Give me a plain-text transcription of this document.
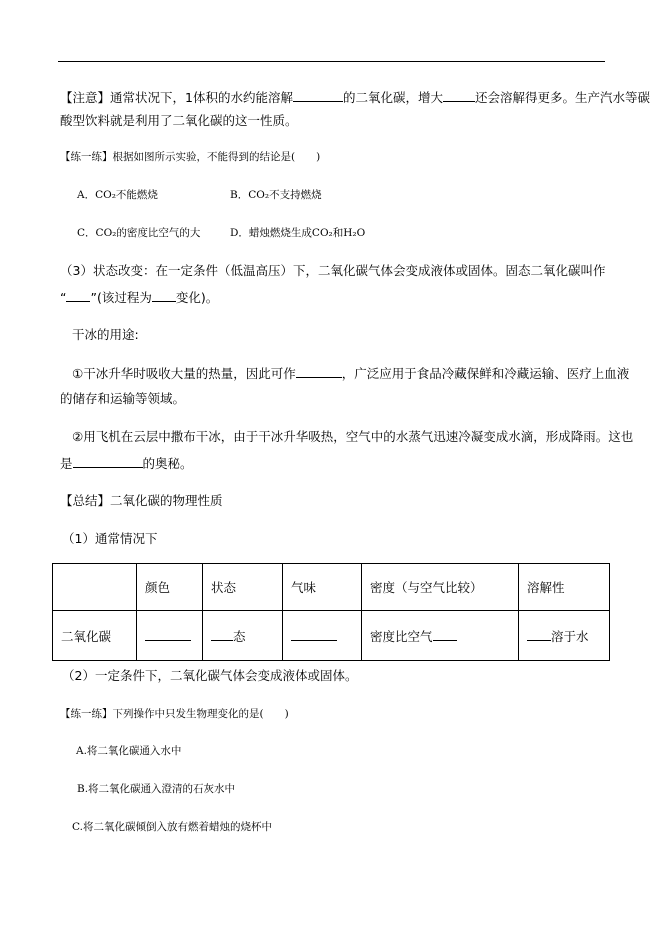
【注意】通常状况下，1体积的水约能溶解	的二氧化碳，增大	还会溶解得更多。生产汽水等碳
酸型饮料就是利用了二氧化碳的这一性质。
【练一练】根据如图所示实验，不能得到的结论是(　　)
A．CO₂不能燃烧	B．CO₂不支持燃烧
C．CO₂的密度比空气的大	D．蜡烛燃烧生成CO₂和H₂O
（3）状态改变：在一定条件（低温高压）下，二氧化碳气体会变成液体或固体。固态二氧化碳叫作
“ ”(该过程为 变化)。
干冰的用途:
①干冰升华时吸收大量的热量，因此可作	，广泛应用于食品冷藏保鲜和冷藏运输、医疗上血液
的储存和运输等领域。
②用飞机在云层中撒布干冰，由于干冰升华吸热，空气中的水蒸气迅速冷凝变成水滴，形成降雨。这也
是	的奥秘。
【总结】二氧化碳的物理性质
（1）通常情况下
	颜色	状态	气味	密度（与空气比较）	溶解性
二氧化碳		态		密度比空气	溶于水
（2）一定条件下，二氧化碳气体会变成液体或固体。
【练一练】下列操作中只发生物理变化的是(　　)
A.将二氧化碳通入水中
B.将二氧化碳通入澄清的石灰水中
C.将二氧化碳倾倒入放有燃着蜡烛的烧杯中
